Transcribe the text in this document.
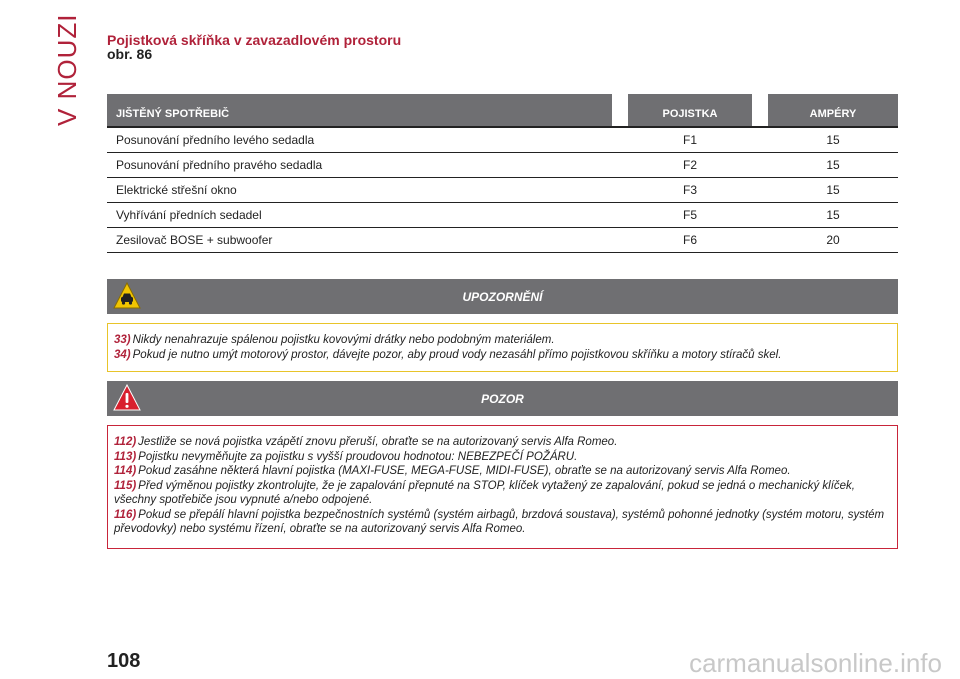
V NOUZI Pojistková skříňka v zavazadlovém prostoru
obr. 86
JIŠTĚNÝ SPOTŘEBIČ	POJISTKA	AMPÉRY
Posunování předního levého sedadla	F1	15
Posunování předního pravého sedadla	F2	15
Elektrické střešní okno	F3	15
Vyhřívání předních sedadel	F5	15
Zesilovač BOSE + subwoofer	F6	20
UPOZORNĚNÍ

33) Nikdy nenahrazuje spálenou pojistku kovovými drátky nebo podobným materiálem.

34) Pokud je nutno umýt motorový prostor, dávejte pozor, aby proud vody nezasáhl přímo pojistkovou skříňku a motory stíračů skel.

POZOR

112) Jestliže se nová pojistka vzápětí znovu přeruší, obraťte se na autorizovaný servis Alfa Romeo.

113) Pojistku nevyměňujte za pojistku s vyšší proudovou hodnotou: NEBEZPEČÍ POŽÁRU.

114) Pokud zasáhne některá hlavní pojistka (MAXI-FUSE, MEGA-FUSE, MIDI-FUSE), obraťte se na autorizovaný servis Alfa Romeo.

115) Před výměnou pojistky zkontrolujte, že je zapalování přepnuté na STOP, klíček vytažený ze zapalování, pokud se jedná o mechanický klíček, všechny spotřebiče jsou vypnuté a/nebo odpojené.

116) Pokud se přepálí hlavní pojistka bezpečnostních systémů (systém airbagů, brzdová soustava), systémů pohonné jednotky (systém motoru, systém převodovky) nebo systému řízení, obraťte se na autorizovaný servis Alfa Romeo.

108	carmanualsonline.info
